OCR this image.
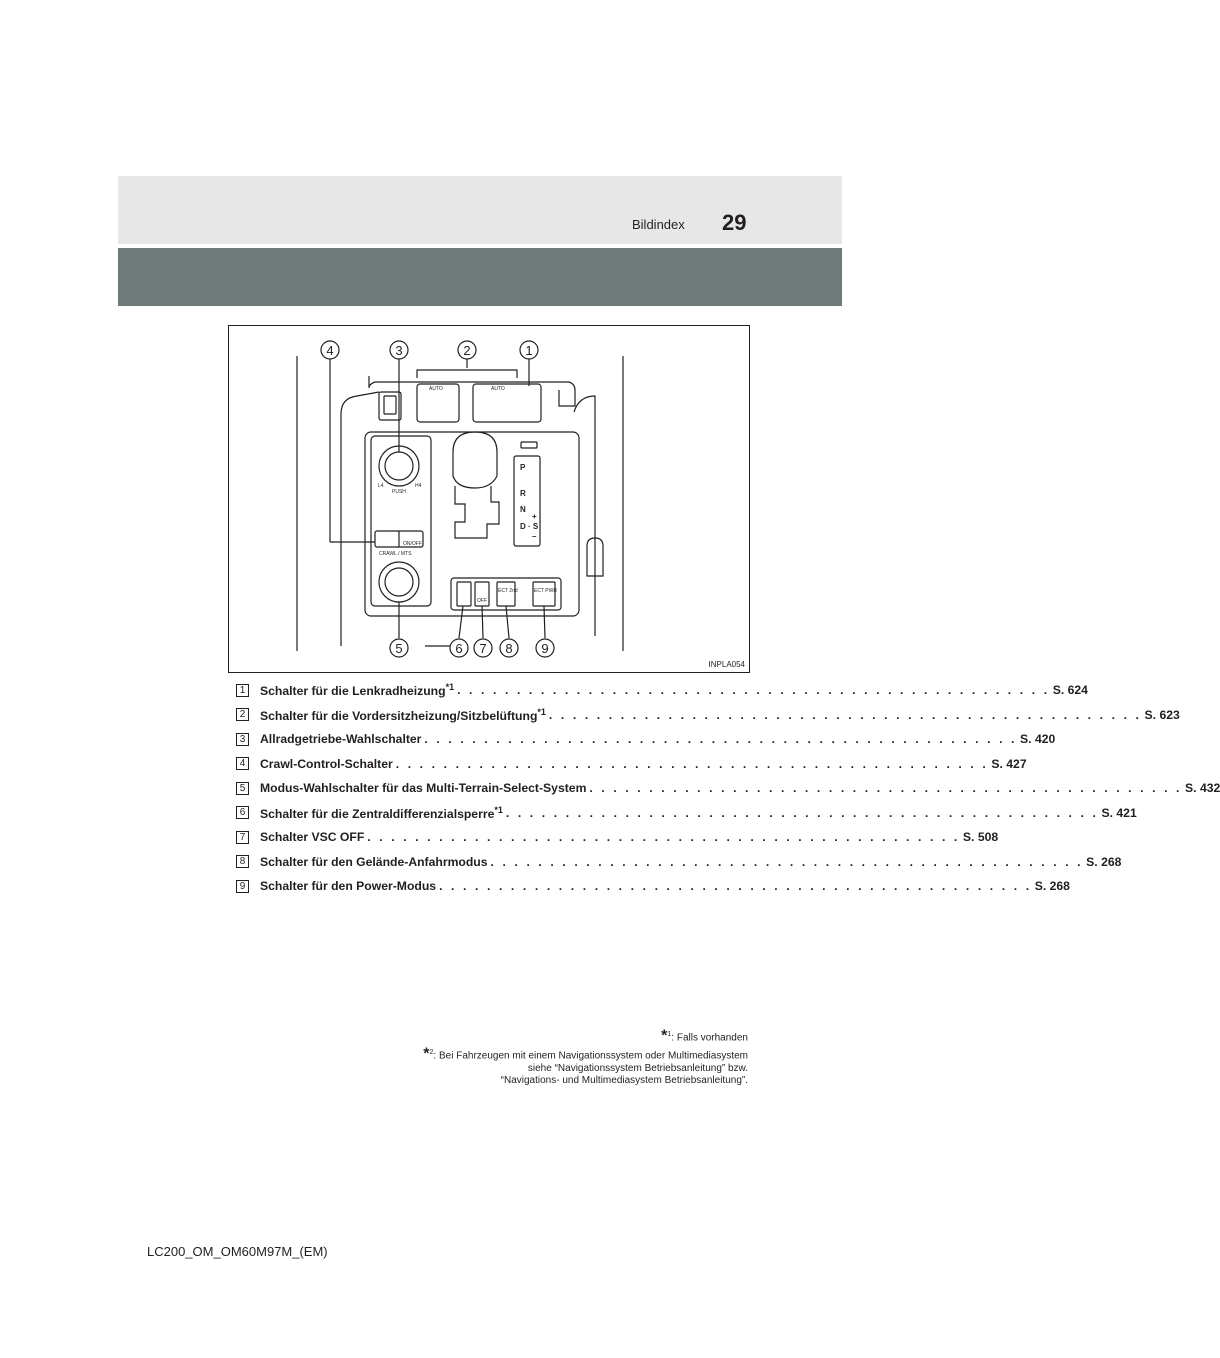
Bildindex 29
4	3	2	1
5	6 7 8 9
AUTO	AUTO
PUSH
L4	H4
CRAWL / MTS
ON/OFF
OFF
ECT 2nd	ECT PWR
P
R
N
D · S
+
–
INPLA054
1	Schalter für die Lenkradheizung$^{*1}$ . . . . . . . . . . . . . . . . . . . . . . . . . . . . . . . . . . . . . . . . . . . . . . . . . . S. 624
2	Schalter für die Vordersitzheizung/Sitzbelüftung$^{*1}$ . . . . . . . . . . . . . . . . . . . . . . . . . . . . . . . . . . . . . . . . . . . . . . . . . . S. 623
3	Allradgetriebe-Wahlschalter . . . . . . . . . . . . . . . . . . . . . . . . . . . . . . . . . . . . . . . . . . . . . . . . . . S. 420
4	Crawl-Control-Schalter . . . . . . . . . . . . . . . . . . . . . . . . . . . . . . . . . . . . . . . . . . . . . . . . . . S. 427
5	Modus-Wahlschalter für das Multi-Terrain-Select-System . . . . . . . . . . . . . . . . . . . . . . . . . . . . . . . . . . . . . . . . . . . . . . . . . . S. 432
6	Schalter für die Zentraldifferenzialsperre$^{*1}$ . . . . . . . . . . . . . . . . . . . . . . . . . . . . . . . . . . . . . . . . . . . . . . . . . . S. 421
7	Schalter VSC OFF . . . . . . . . . . . . . . . . . . . . . . . . . . . . . . . . . . . . . . . . . . . . . . . . . . S. 508
8	Schalter für den Gelände-Anfahrmodus . . . . . . . . . . . . . . . . . . . . . . . . . . . . . . . . . . . . . . . . . . . . . . . . . . S. 268
9	Schalter für den Power-Modus . . . . . . . . . . . . . . . . . . . . . . . . . . . . . . . . . . . . . . . . . . . . . . . . . . S. 268
*$^1$: Falls vorhanden
*$^2$: Bei Fahrzeugen mit einem Navigationssystem oder Multimediasystem
siehe “Navigationssystem Betriebsanleitung” bzw.
“Navigations- und Multimediasystem Betriebsanleitung”.
LC200_OM_OM60M97M_(EM)
